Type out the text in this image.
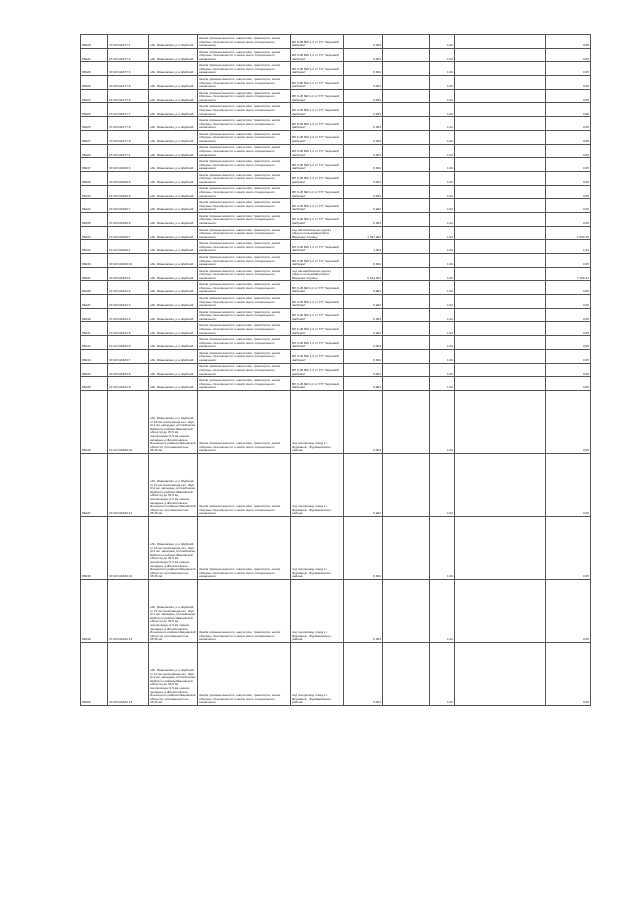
86028	37:20:010177:1	обл. Ивановская, р-н Шуйский	Земли промышленности, энергетики, транспорта, земли обороны, безопасности и земли иного специального назначения	ВЛ 6 кВ №6 1,2 от ТП "Черновой фабрики"	0,004		1,02		0,05
86041	37:20:010177:2	обл. Ивановская, р-н Шуйский	Земли промышленности, энергетики, транспорта, земли обороны, безопасности и земли иного специального назначения	ВЛ 6 кВ №6 1,2 от ТП "Черновой фабрики"	0,004		1,02		0,05
86028	37:20:010177:3	обл. Ивановская, р-н Шуйский	Земли промышленности, энергетики, транспорта, земли обороны, безопасности и земли иного специального назначения	ВЛ 6 кВ №6 1,2 от ТП "Черновой фабрики"	0,004		1,02		0,05
86025	37:20:010177:5	обл. Ивановская, р-н Шуйский	Земли промышленности, энергетики, транспорта, земли обороны, безопасности и земли иного специального назначения	ВЛ 6 кВ №6 1,2 от ТП "Черновой фабрики"	0,004		1,02		0,05
86024	37:20:010177:6	обл. Ивановская, р-н Шуйский	Земли промышленности, энергетики, транспорта, земли обороны, безопасности и земли иного специального назначения	ВЛ 6 кВ №6 1,2 от ТП "Черновой фабрики"	0,004		1,02		0,05
86026	37:20:010177:7	обл. Ивановская, р-н Шуйский	Земли промышленности, энергетики, транспорта, земли обороны, безопасности и земли иного специального назначения	ВЛ 6 кВ №6 1,2 от ТП "Черновой фабрики"	0,004		1,02		0,05
86025	37:20:010177:8	обл. Ивановская, р-н Шуйский	Земли промышленности, энергетики, транспорта, земли обороны, безопасности и земли иного специального назначения	ВЛ 6 кВ №6 1,2 от ТП "Черновой фабрики"	0,004		1,02		0,05
86027	37:20:010177:9	обл. Ивановская, р-н Шуйский	Земли промышленности, энергетики, транспорта, земли обороны, безопасности и земли иного специального назначения	ВЛ 6 кВ №6 1,2 от ТП "Черновой фабрики"	0,004		1,02		0,05
86030	37:20:010177:1	обл. Ивановская, р-н Шуйский	Земли промышленности, энергетики, транспорта, земли обороны, безопасности и земли иного специального назначения	ВЛ 6 кВ №6 1,2 от ТП "Черновой фабрики"	0,004		1,02		0,05
86037	37:20:010180:3	обл. Ивановская, р-н Шуйский	Земли промышленности, энергетики, транспорта, земли обороны, безопасности и земли иного специального назначения	ВЛ 6 кВ №6 1,2 от ТП "Черновой фабрики"	0,004		1,02		0,05
86039	37:20:010180:5	обл. Ивановская, р-н Шуйский	Земли промышленности, энергетики, транспорта, земли обороны, безопасности и земли иного специального назначения	ВЛ 6 кВ №6 1,2 от ТП "Черновой фабрики"	0,004		1,02		0,05
86034	37:20:010180:6	обл. Ивановская, р-н Шуйский	Земли промышленности, энергетики, транспорта, земли обороны, безопасности и земли иного специального назначения	ВЛ 6 кВ №6 1,2 от ТП "Черновой фабрики"	0,004		1,02		0,05
86032	37:20:010180:7	обл. Ивановская, р-н Шуйский	Земли промышленности, энергетики, транспорта, земли обороны, безопасности и земли иного специального назначения	ВЛ 6 кВ №6 1,2 от ТП "Черновой фабрики"	0,004		1,02		0,05
86035	37:20:010180:8	обл. Ивановская, р-н Шуйский	Земли промышленности, энергетики, транспорта, земли обороны, безопасности и земли иного специального назначения	ВЛ 6 кВ №6 1,2 от ТП "Черновой фабрики"	0,004		1,02		0,05
86034	37:20:010180:7	обл. Ивановская, р-н Шуйский	Земли промышленности, энергетики, транспорта, земли обороны, безопасности и земли иного специального назначения	под автомобильную дорогу общего пользования Шуя-Введенье-Горицы	1 397,004		1,02		1 552,45
86033	37:20:010180:1	обл. Ивановская, р-н Шуйский	Земли промышленности, энергетики, транспорта, земли обороны, безопасности и земли иного специального назначения	ВЛ 6 кВ №6 1,2 от ТП "Черновой фабрики"	1,004		1,02		1,51
86036	37:20:010180:10	обл. Ивановская, р-н Шуйский	Земли промышленности, энергетики, транспорта, земли обороны, безопасности и земли иного специального назначения	ВЛ 6 кВ №6 1,2 от ТП "Черновой фабрики"	0,004		1,02		0,05
86031	37:20:010181:1	обл. Ивановская, р-н Шуйский	Земли промышленности, энергетики, транспорта, земли обороны, безопасности и земли иного специального назначения	под автомобильную дорогу общего пользования Шуя-Введенье-Горицы	6 644,004		1,02		7 155,31
86038	37:20:010181:2	обл. Ивановская, р-н Шуйский	Земли промышленности, энергетики, транспорта, земли обороны, безопасности и земли иного специального назначения	ВЛ 6 кВ №6 1,2 от ТП "Черновой фабрики"	0,004		1,02		0,05
86037	37:20:010181:3	обл. Ивановская, р-н Шуйский	Земли промышленности, энергетики, транспорта, земли обороны, безопасности и земли иного специального назначения	ВЛ 6 кВ №6 1,2 от ТП "Черновой фабрики"	0,004		1,02		0,05
86040	37:20:010181:4	обл. Ивановская, р-н Шуйский	Земли промышленности, энергетики, транспорта, земли обороны, безопасности и земли иного специального назначения	ВЛ 6 кВ №6 1,2 от ТП "Черновой фабрики"	0,004		1,02		0,05
86041	37:20:010181:5	обл. Ивановская, р-н Шуйский	Земли промышленности, энергетики, транспорта, земли обороны, безопасности и земли иного специального назначения	ВЛ 6 кВ №6 1,2 от ТП "Черновой фабрики"	0,004		1,02		0,05
86042	37:20:010181:6	обл. Ивановская, р-н Шуйский	Земли промышленности, энергетики, транспорта, земли обороны, безопасности и земли иного специального назначения	ВЛ 6 кВ №6 1,2 от ТП "Черновой фабрики"	0,004		1,02		0,05
86043	37:20:010181:7	обл. Ивановская, р-н Шуйский	Земли промышленности, энергетики, транспорта, земли обороны, безопасности и земли иного специального назначения	ВЛ 6 кВ №6 1,2 от ТП "Черновой фабрики"	0,004		1,02		0,05
86044	37:20:010181:8	обл. Ивановская, р-н Шуйский	Земли промышленности, энергетики, транспорта, земли обороны, безопасности и земли иного специального назначения	ВЛ 6 кВ №6 1,2 от ТП "Черновой фабрики"	0,004		1,02		0,05
86045	37:20:010181:9	обл. Ивановская, р-н Шуйский	Земли промышленности, энергетики, транспорта, земли обороны, безопасности и земли иного специального назначения	ВЛ 6 кВ №6 1,2 от ТП "Черновой фабрики"	0,004		1,02		0,05
86046	37:20:010182:10	обл. Ивановская, р-н Шуйский, от 10 км газопровода на г. Шуя (0,2 км. западнее д.Огнибоково Шуйского района Ивановской области) до 35,5 км газопровода (1,5 км северо-западнее д.Филипповское Ильинского района Ивановской области), протяженностью 35,30 км	Земли промышленности, энергетики, транспорта, земли обороны, безопасности и земли иного специального назначения	под газопровод отвод к г. Фурманов - Фурмановского района	0,004		1,02		0,05
86047	37:20:010182:11	обл. Ивановская, р-н Шуйский, от 10 км газопровода на г. Шуя (0,2 км. западнее д.Огнибоково Шуйского района Ивановской области) до 35,5 км газопровода (1,5 км северо-западнее д.Филипповское Ильинского района Ивановской области), протяженностью 35,30 км	Земли промышленности, энергетики, транспорта, земли обороны, безопасности и земли иного специального назначения	под газопровод отвод к г. Фурманов - Фурмановского района	0,004		1,02		0,05
86048	37:20:010182:12	обл. Ивановская, р-н Шуйский, от 10 км газопровода на г. Шуя (0,2 км. западнее д.Огнибоково Шуйского района Ивановской области) до 35,5 км газопровода (1,5 км северо-западнее д.Филипповское Ильинского района Ивановской области), протяженностью 35,30 км	Земли промышленности, энергетики, транспорта, земли обороны, безопасности и земли иного специального назначения	под газопровод отвод к г. Фурманов - Фурмановского района	0,004		1,02		0,05
86049	37:20:010182:13	обл. Ивановская, р-н Шуйский, от 10 км газопровода на г. Шуя (0,2 км. западнее д.Огнибоково Шуйского района Ивановской области) до 35,5 км газопровода (1,5 км северо-западнее д.Филипповское Ильинского района Ивановской области), протяженностью 35,30 км	Земли промышленности, энергетики, транспорта, земли обороны, безопасности и земли иного специального назначения	под газопровод отвод к г. Фурманов - Фурмановского района	0,004		1,02		0,05
86050	37:20:010182:14	обл. Ивановская, р-н Шуйский, от 10 км газопровода на г. Шуя (0,2 км. западнее д.Огнибоково Шуйского района Ивановской области) до 35,5 км газопровода (1,5 км северо-западнее д.Филипповское Ильинского района Ивановской области), протяженностью 35,30 км	Земли промышленности, энергетики, транспорта, земли обороны, безопасности и земли иного специального назначения	под газопровод отвод к г. Фурманов - Фурмановского района	0,004		1,02		0,05
